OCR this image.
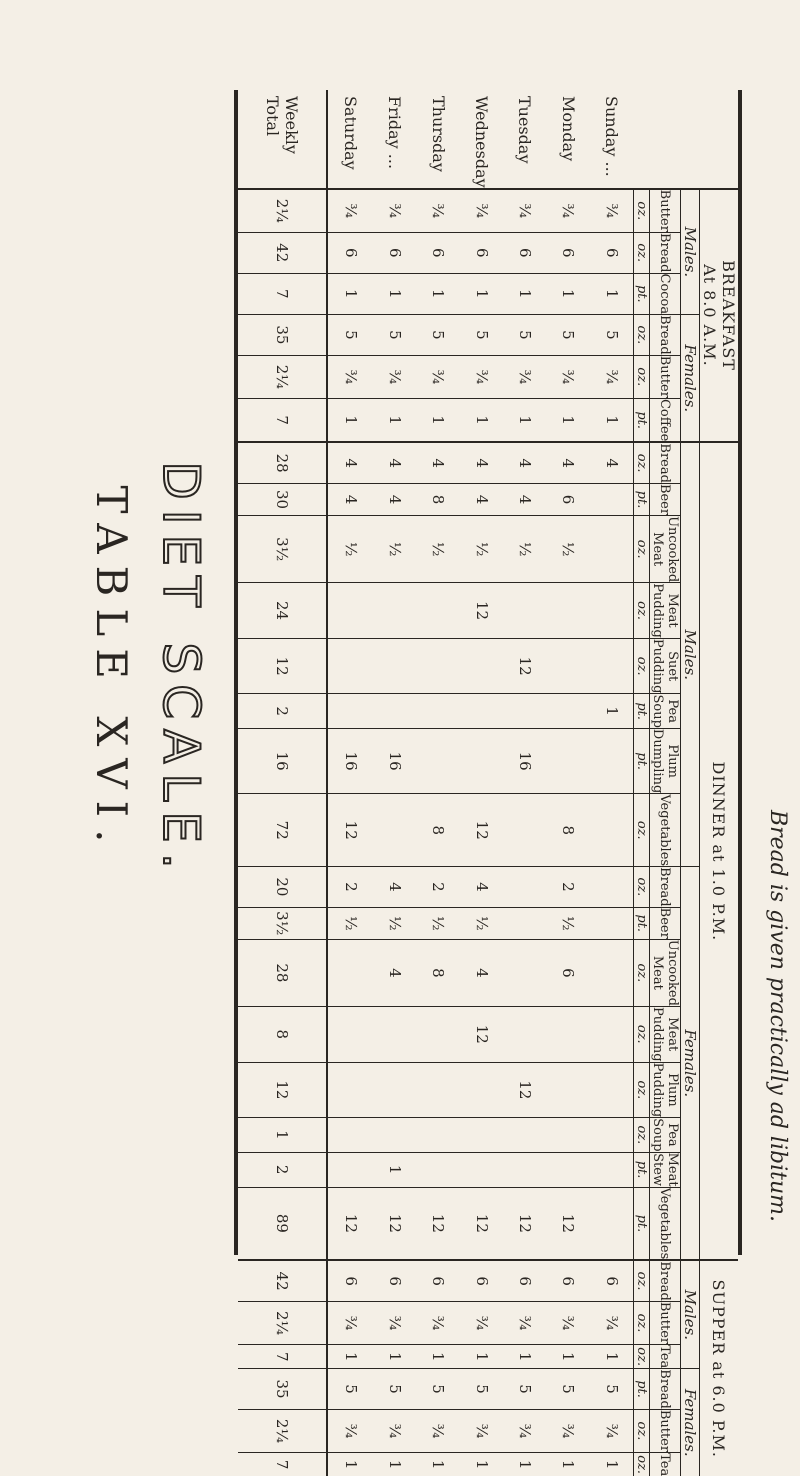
DIET SCALE.
TABLE XVI.
	BREAKFAST
At 8.0 A.M.						DINNER at 1.0 P.M.																SUPPER at 6.0 P.M.					
	Males.			Females.			Males.								Females.								Males.			Females.		
	Butter	Bread	Cocoa	Bread	Butter	Coffee	Bread	Beer	Uncooked Meat	Meat Pudding	Suet Pudding	Pea Soup	Plum Dumpling	Vegetables	Bread	Beer	Uncooked Meat	Meat Pudding	Plum Pudding	Pea Soup	Meat Stew	Vegetables	Bread	Butter	Tea	Bread	Butter	Tea
	oz.	oz.	pt.	oz.	oz.	pt.	oz.	pt.	oz.	oz.	oz.	pt.	pt.	oz.	oz.	pt.	oz.	oz.	oz.	oz.	pt.	pt.	oz.	oz.	oz.	pt.	oz.	oz.
Sunday ...	¾	6	1	5	¾	1	4					1											6	¾	1	5	¾	1
Monday	¾	6	1	5	¾	1	4	6	½					8	2	½	6					12	6	¾	1	5	¾	1
Tuesday	¾	6	1	5	¾	1	4	4	½		12		16						12			12	6	¾	1	5	¾	1
Wednesday	¾	6	1	5	¾	1	4	4	½	12				12	4	½	4	12				12	6	¾	1	5	¾	1
Thursday	¾	6	1	5	¾	1	4	8	½					8	2	½	8					12	6	¾	1	5	¾	1
Friday ...	¾	6	1	5	¾	1	4	4	½				16		4	½	4				1	12	6	¾	1	5	¾	1
Saturday	¾	6	1	5	¾	1	4	4	½				16	12	2	½						12	6	¾	1	5	¾	1
Weekly Total	2¼	42	7	35	2¼	7	28	30	3½	24	12	2	16	72	20	3½	28	8	12	1	2	89	42	2¼	7	35	2¼	7
Bread is given practically ad libitum.
